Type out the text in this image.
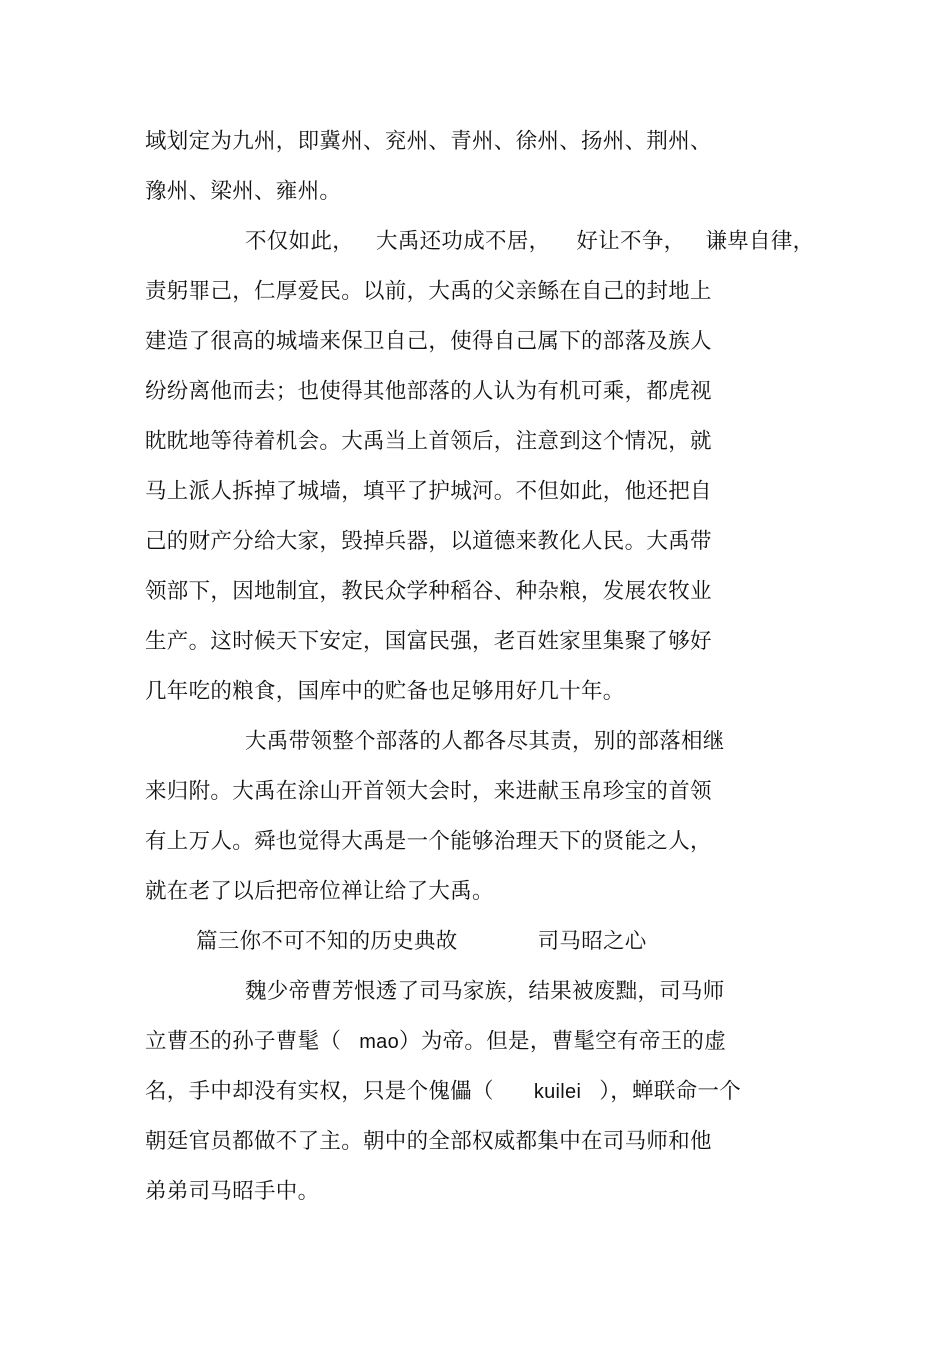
域划定为九州，即冀州、兖州、青州、徐州、扬州、荆州、
豫州、梁州、雍州。
不仅如此， 大禹还功成不居， 好让不争， 谦卑自律，
责躬罪己，仁厚爱民。以前，大禹的父亲鲧在自己的封地上
建造了很高的城墙来保卫自己，使得自己属下的部落及族人
纷纷离他而去；也使得其他部落的人认为有机可乘，都虎视
眈眈地等待着机会。大禹当上首领后，注意到这个情况，就
马上派人拆掉了城墙，填平了护城河。不但如此，他还把自
己的财产分给大家，毁掉兵器，以道德来教化人民。大禹带
领部下，因地制宜，教民众学种稻谷、种杂粮，发展农牧业
生产。这时候天下安定，国富民强，老百姓家里集聚了够好
几年吃的粮食，国库中的贮备也足够用好几十年。
大禹带领整个部落的人都各尽其责，别的部落相继
来归附。大禹在涂山开首领大会时，来进献玉帛珍宝的首领
有上万人。舜也觉得大禹是一个能够治理天下的贤能之人，
就在老了以后把帝位禅让给了大禹。
篇三你不可不知的历史典故	司马昭之心
魏少帝曹芳恨透了司马家族，结果被废黜，司马师
立曹丕的孙子曹髦（ mao）为帝。但是，曹髦空有帝王的虚
名，手中却没有实权，只是个傀儡（ kuilei ），蝉联命一个
朝廷官员都做不了主。朝中的全部权威都集中在司马师和他
弟弟司马昭手中。
